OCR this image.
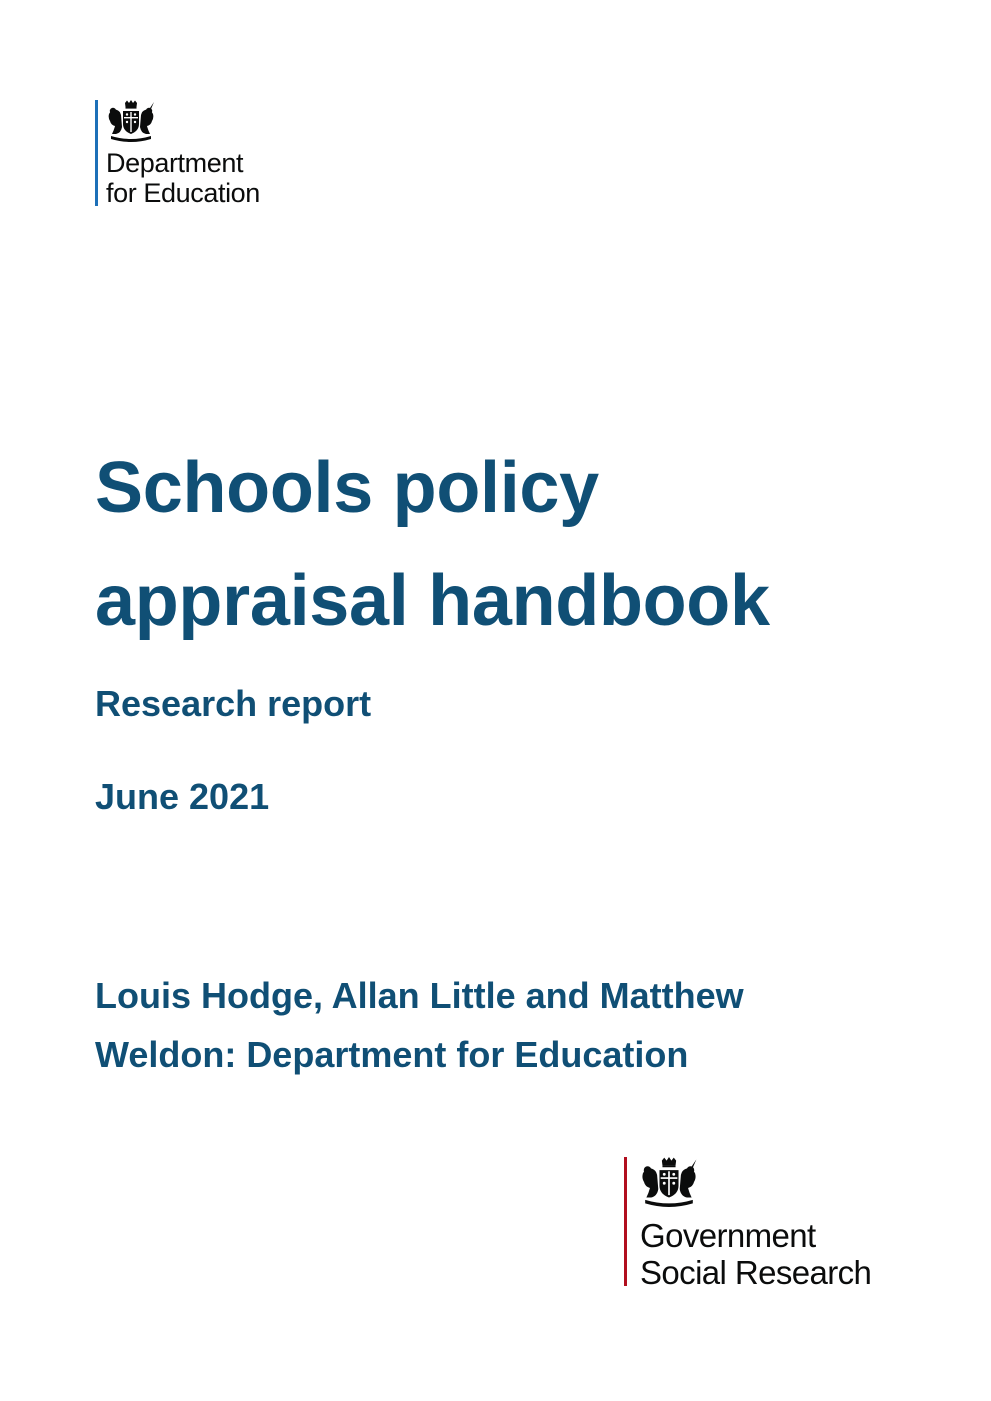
Department
for Education
Schools policy
appraisal handbook
Research report
June 2021
Louis Hodge, Allan Little and Matthew
Weldon: Department for Education
Government
Social Research
